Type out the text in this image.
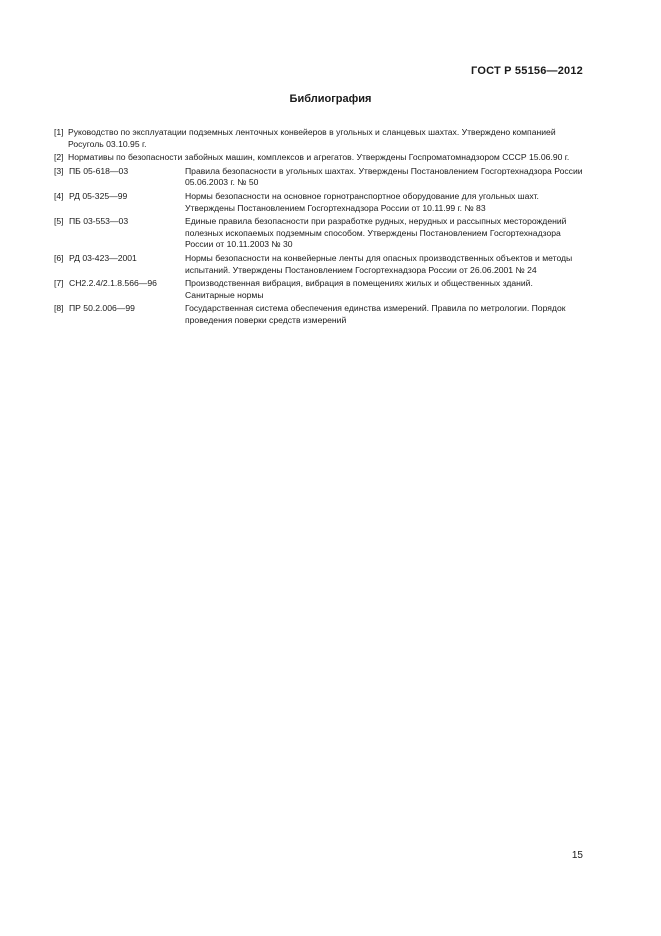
ГОСТ Р 55156—2012
Библиография
[1] Руководство по эксплуатации подземных ленточных конвейеров в угольных и сланцевых шахтах. Утверждено компанией Росуголь 03.10.95 г.
[2] Нормативы по безопасности забойных машин, комплексов и агрегатов. Утверждены Госпроматомнадзором СССР 15.06.90 г.
[3] ПБ 05-618—03	Правила безопасности в угольных шахтах. Утверждены Постановлением Госгортехнадзора России 05.06.2003 г. № 50
[4] РД 05-325—99	Нормы безопасности на основное горнотранспортное оборудование для угольных шахт. Утверждены Постановлением Госгортехнадзора России от 10.11.99 г. № 83
[5] ПБ 03-553—03	Единые правила безопасности при разработке рудных, нерудных и рассыпных месторождений полезных ископаемых подземным способом. Утверждены Постановлением Госгортехнадзора России от 10.11.2003 № 30
[6] РД 03-423—2001	Нормы безопасности на конвейерные ленты для опасных производственных объектов и методы испытаний. Утверждены Постановлением Госгортехнадзора России от 26.06.2001 № 24
[7] СН2.2.4/2.1.8.566—96	Производственная вибрация, вибрация в помещениях жилых и общественных зданий. Санитарные нормы
[8] ПР 50.2.006—99	Государственная система обеспечения единства измерений. Правила по метрологии. Порядок проведения поверки средств измерений
15
